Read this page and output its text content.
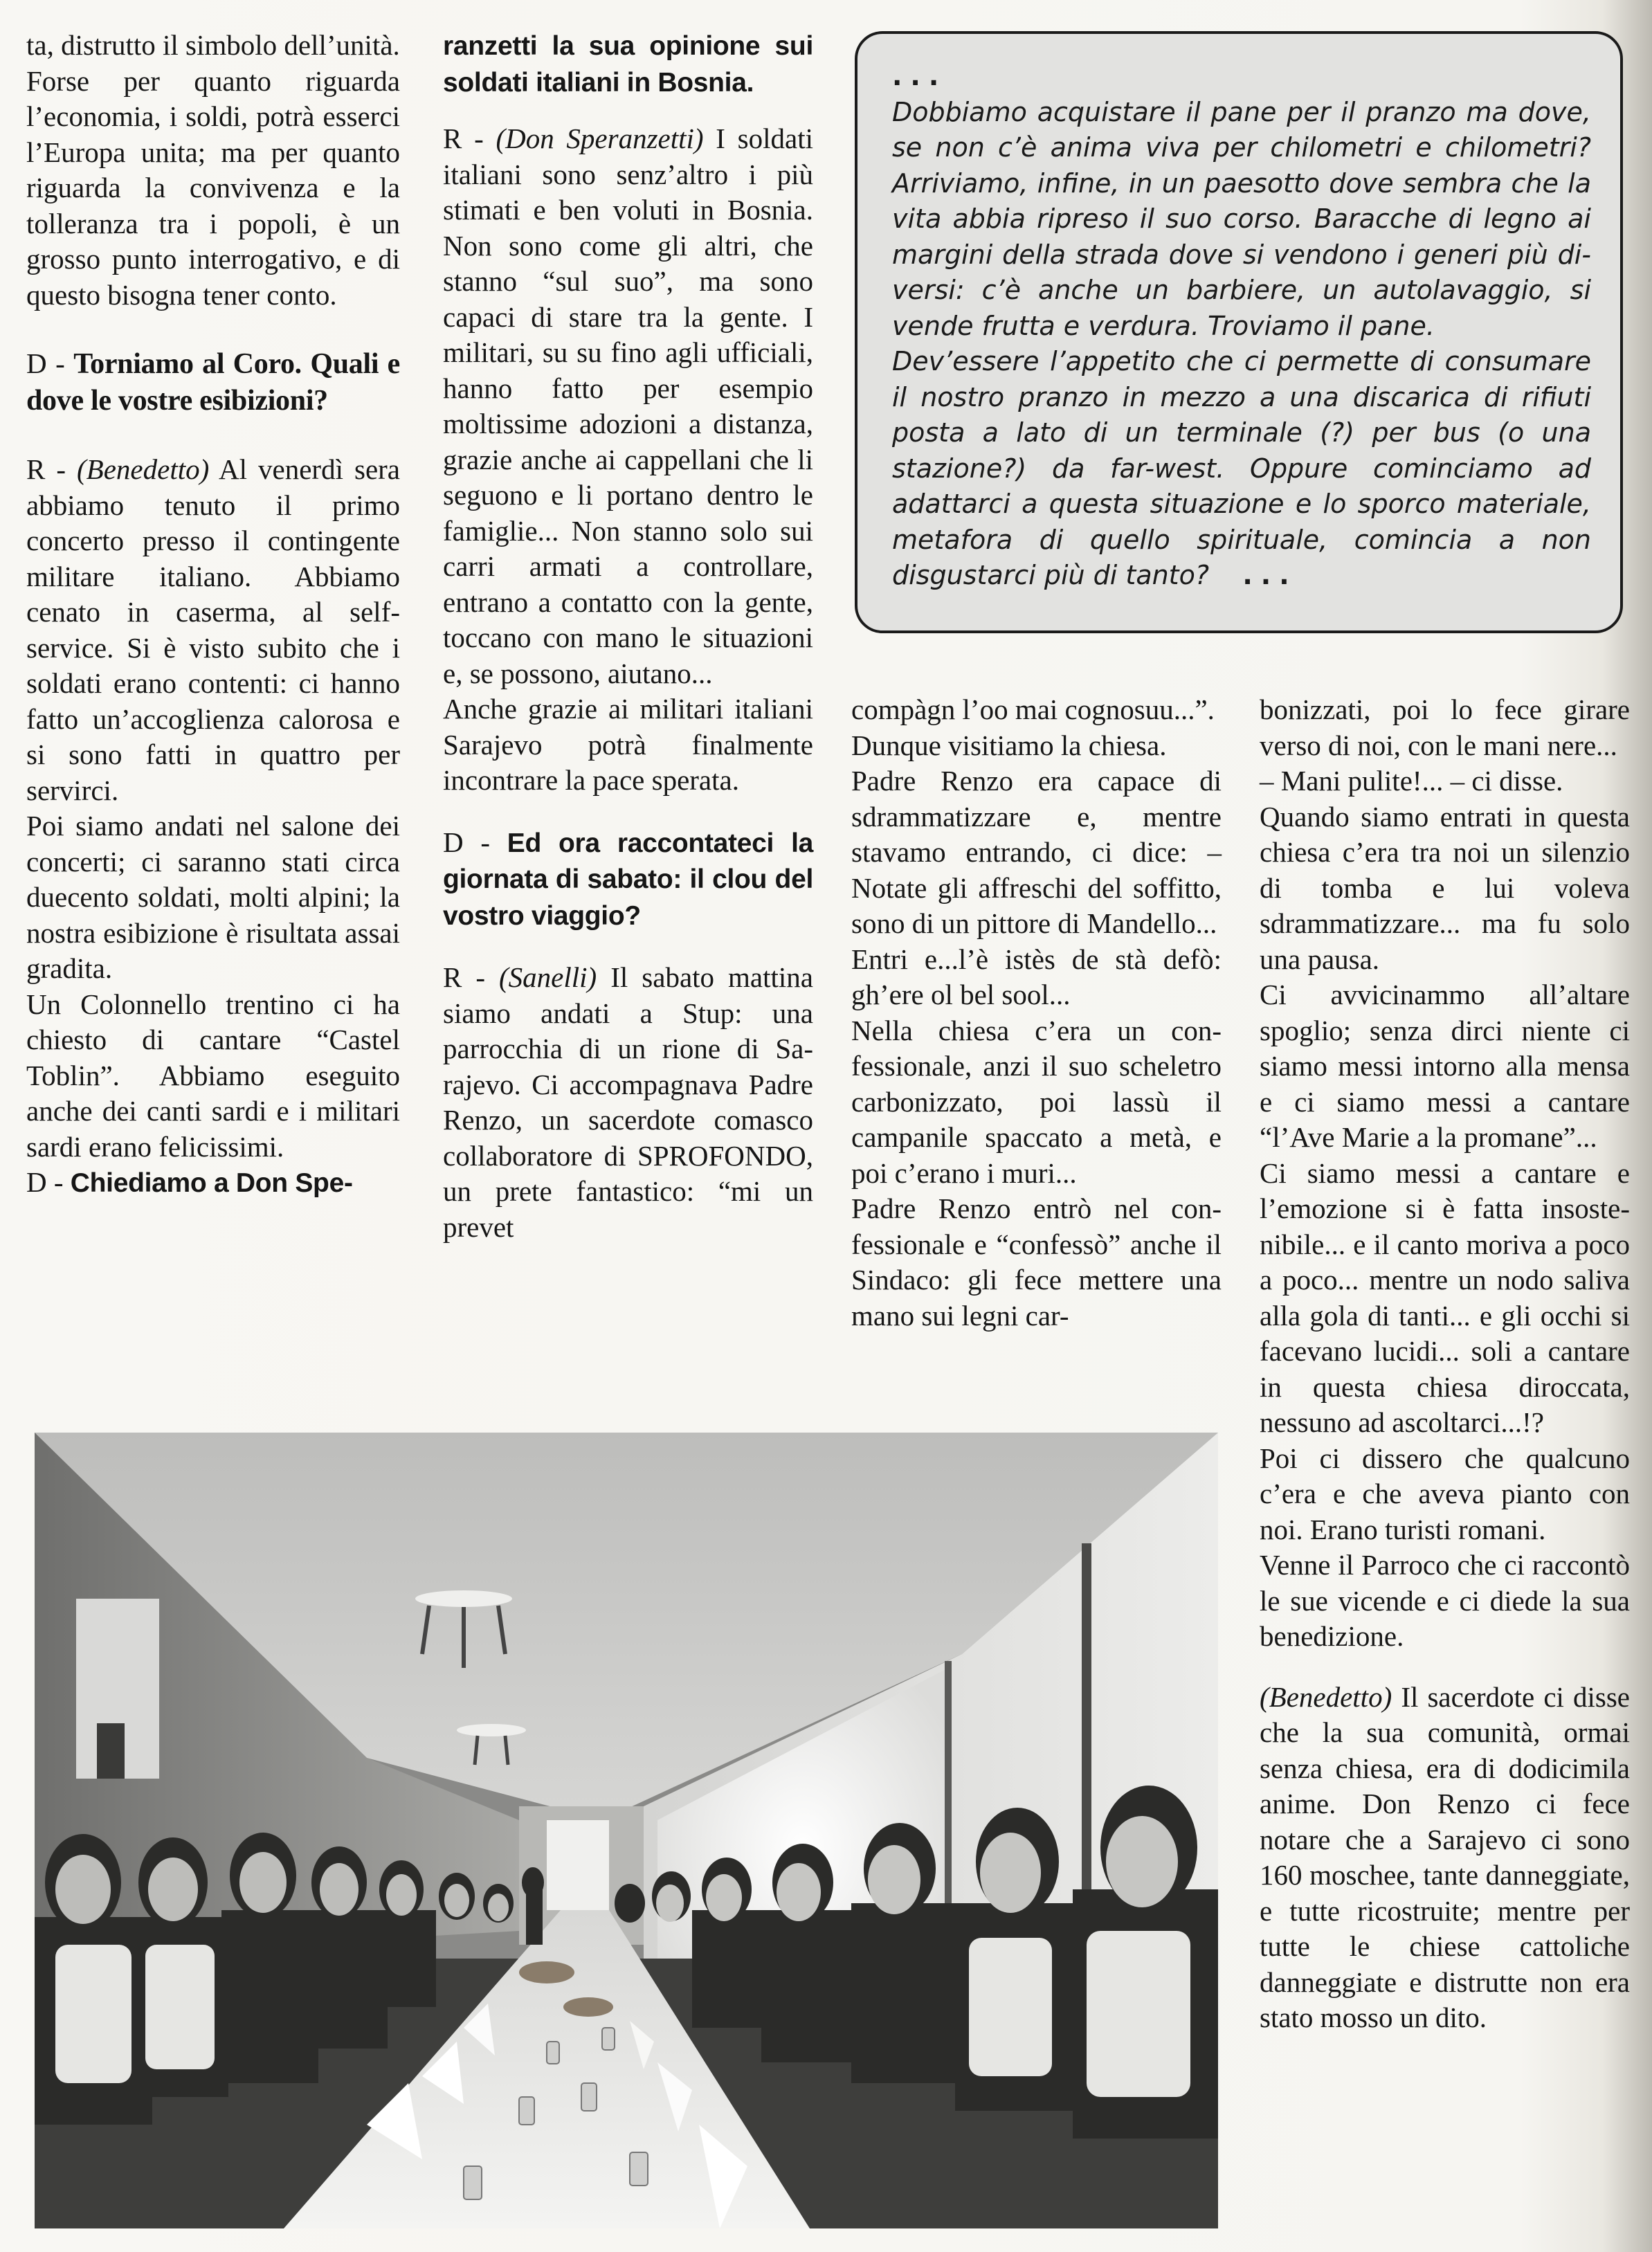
ta, distrutto il simbolo dell’unità.

Forse per quanto riguarda l’economia, i soldi, potrà esserci l’Europa unita; ma per quanto riguarda la convivenza e la tolleranza tra i popoli, è un grosso punto interrogativo, e di questo bisogna tener conto.

D - Torniamo al Coro. Quali e dove le vostre esibizioni?

R - (Benedetto) Al venerdì sera abbiamo tenuto il primo concerto presso il contingente militare italiano. Abbiamo cenato in caserma, al self-service. Si è visto subito che i soldati erano contenti: ci hanno fatto un’accoglienza calorosa e si sono fatti in quattro per servirci.

Poi siamo andati nel salone dei concerti; ci saranno stati circa duecento soldati, molti alpini; la nostra esibizione è risultata assai gradita.

Un Colonnello trentino ci ha chiesto di cantare “Castel Toblin”. Abbiamo eseguito anche dei canti sardi e i militari sardi erano felicissimi.

D - Chiediamo a Don Spe-

ranzetti la sua opinione sui soldati italiani in Bosnia.

R - (Don Speranzetti) I soldati italiani sono senz’altro i più stimati e ben voluti in Bosnia. Non sono come gli altri, che stanno “sul suo”, ma sono capaci di stare tra la gente. I militari, su su fino agli ufficiali, hanno fatto per esempio moltissime adozioni a distanza, grazie anche ai cappellani che li seguono e li portano dentro le famiglie... Non stanno solo sui carri armati a controllare, entrano a contatto con la gente, toccano con mano le situazioni e, se possono, aiutano...

Anche grazie ai militari italiani Sarajevo potrà finalmente incontrare la pace sperata.

D - Ed ora raccontateci la giornata di sabato: il clou del vostro viaggio?

R - (Sanelli) Il sabato mattina siamo andati a Stup: una parrocchia di un rione di Sarajevo. Ci accompagnava Padre Renzo, un sacerdote comasco collaboratore di SPROFONDO, un prete fantastico: “mi un prevet

...

Dobbiamo acquistare il pane per il pranzo ma dove, se non c’è anima viva per chilometri e chilometri? Arriviamo, infine, in un paesotto dove sembra che la vita abbia ripreso il suo corso. Baracche di legno ai margini della strada dove si vendono i generi più diversi: c’è anche un barbiere, un autolavaggio, si vende frutta e verdura. Troviamo il pane.

Dev’essere l’appetito che ci permette di consumare il nostro pranzo in mezzo a una discarica di rifiuti posta a lato di un terminale (?) per bus (o una stazione?) da far-west. Oppure cominciamo ad adattarci a questa situazione e lo sporco materiale, metafora di quello spirituale, comincia a non disgustarci più di tanto? ...

compàgn l’oo mai cognosuu...”.

Dunque visitiamo la chiesa.

Padre Renzo era capace di sdrammatizzare e, mentre stavamo entrando, ci dice: – Notate gli affreschi del soffitto, sono di un pittore di Mandello...

Entri e...l’è istès de stà defò: gh’ere ol bel sool...

Nella chiesa c’era un confessionale, anzi il suo scheletro carbonizzato, poi lassù il campanile spaccato a metà, e poi c’erano i muri...

Padre Renzo entrò nel confessionale e “confessò” anche il Sindaco: gli fece mettere una mano sui legni car-

bonizzati, poi lo fece girare verso di noi, con le mani nere...

– Mani pulite!... – ci disse.

Quando siamo entrati in questa chiesa c’era tra noi un silenzio di tomba e lui voleva sdrammatizzare... ma fu solo una pausa.

Ci avvicinammo all’altare spoglio; senza dirci niente ci siamo messi intorno alla mensa e ci siamo messi a cantare “l’Ave Marie a la promane”...

Ci siamo messi a cantare e l’emozione si è fatta insostenibile... e il canto moriva a poco a poco... mentre un nodo saliva alla gola di tanti... e gli occhi si facevano lucidi... soli a cantare in questa chiesa diroccata, nessuno ad ascoltarci...!?

Poi ci dissero che qualcuno c’era e che aveva pianto con noi. Erano turisti romani.

Venne il Parroco che ci raccontò le sue vicende e ci diede la sua benedizione.

(Benedetto) Il sacerdote ci disse che la sua comunità, ormai senza chiesa, era di dodicimila anime. Don Renzo ci fece notare che a Sarajevo ci sono 160 moschee, tante danneggiate, e tutte ricostruite; mentre per tutte le chiese cattoliche danneggiate e distrutte non era stato mosso un dito.
